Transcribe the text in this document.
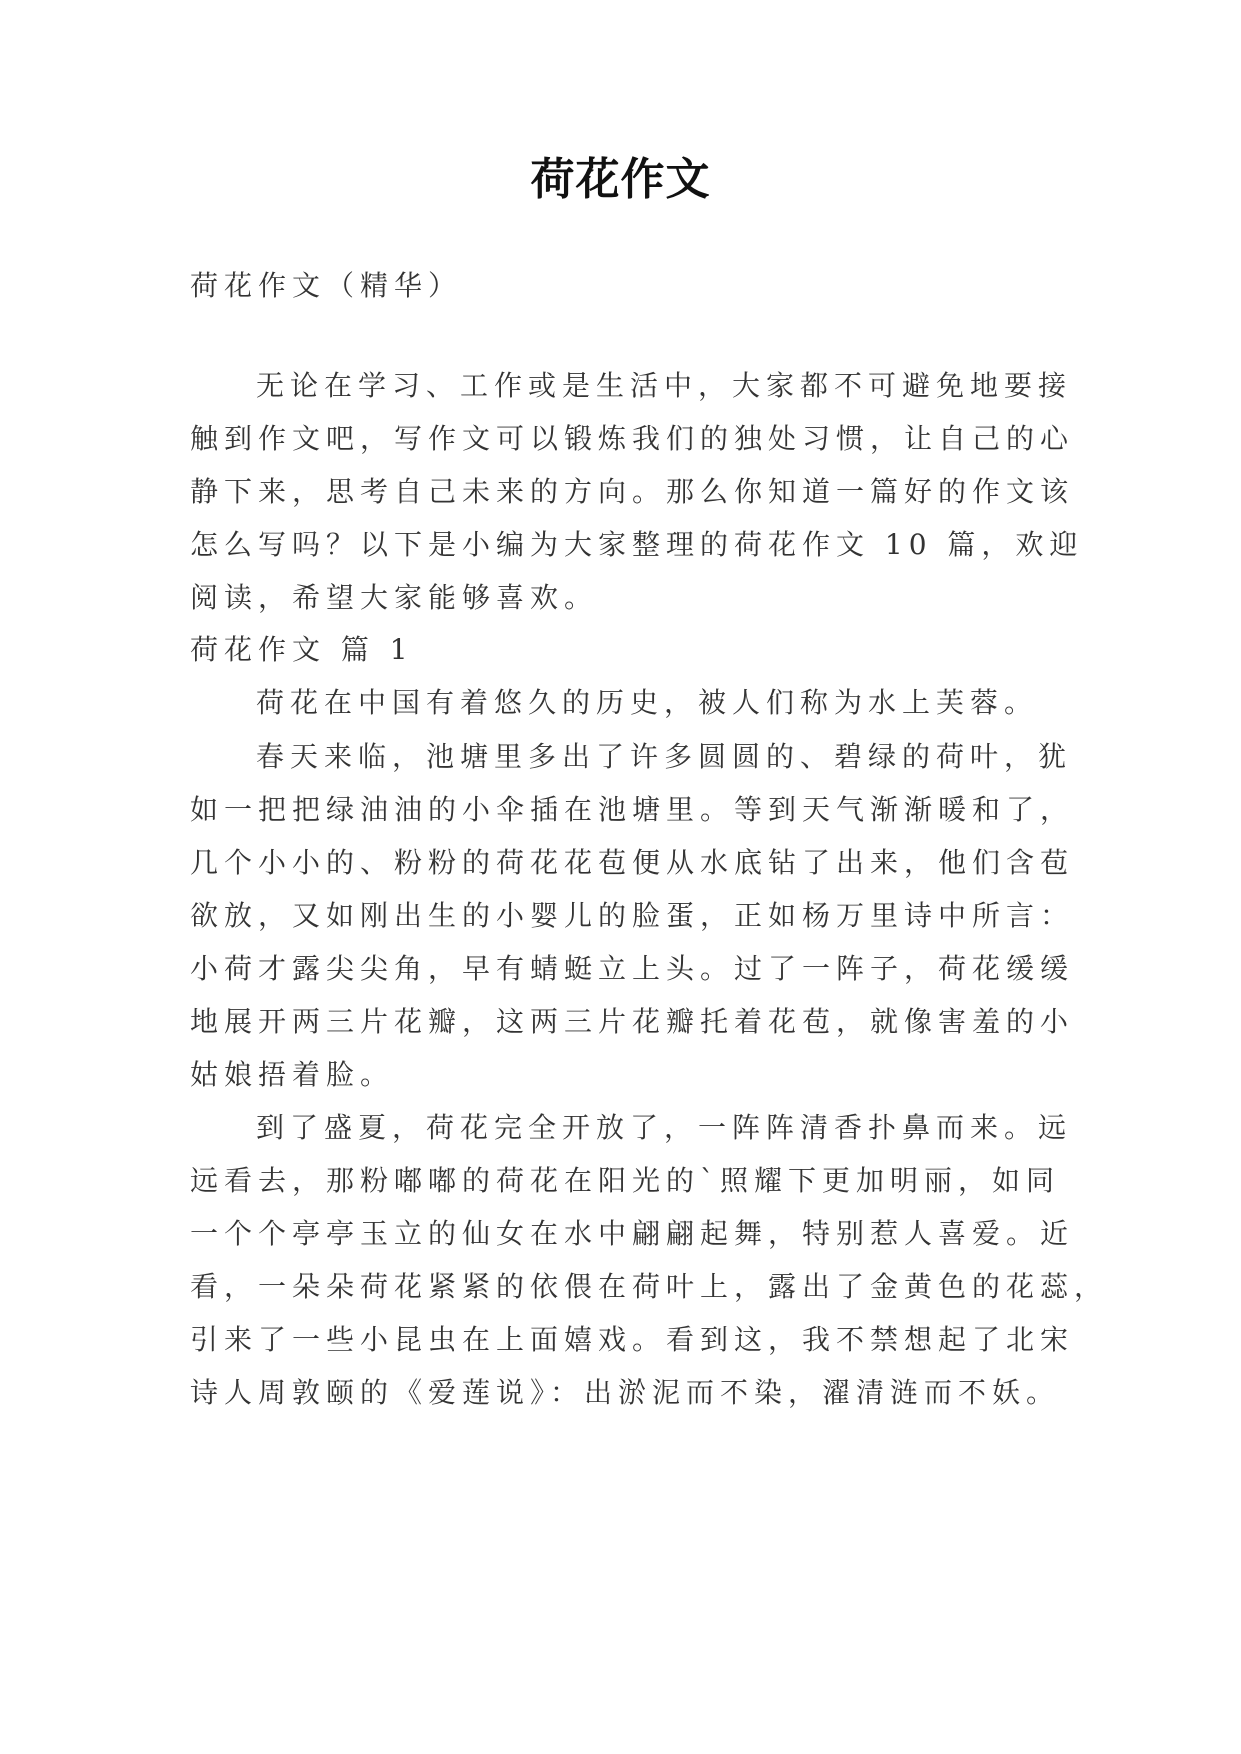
荷花作文
荷花作文（精华）
无论在学习、工作或是生活中，大家都不可避免地要接
触到作文吧，写作文可以锻炼我们的独处习惯，让自己的心
静下来，思考自己未来的方向。那么你知道一篇好的作文该
怎么写吗？以下是小编为大家整理的荷花作文 10 篇，欢迎
阅读，希望大家能够喜欢。
荷花作文 篇 1
荷花在中国有着悠久的历史，被人们称为水上芙蓉。
春天来临，池塘里多出了许多圆圆的、碧绿的荷叶，犹
如一把把绿油油的小伞插在池塘里。等到天气渐渐暖和了，
几个小小的、粉粉的荷花花苞便从水底钻了出来，他们含苞
欲放，又如刚出生的小婴儿的脸蛋，正如杨万里诗中所言：
小荷才露尖尖角，早有蜻蜓立上头。过了一阵子，荷花缓缓
地展开两三片花瓣，这两三片花瓣托着花苞，就像害羞的小
姑娘捂着脸。
到了盛夏，荷花完全开放了，一阵阵清香扑鼻而来。远
远看去，那粉嘟嘟的荷花在阳光的`照耀下更加明丽，如同
一个个亭亭玉立的仙女在水中翩翩起舞，特别惹人喜爱。近
看，一朵朵荷花紧紧的依偎在荷叶上，露出了金黄色的花蕊，
引来了一些小昆虫在上面嬉戏。看到这，我不禁想起了北宋
诗人周敦颐的《爱莲说》：出淤泥而不染，濯清涟而不妖。
